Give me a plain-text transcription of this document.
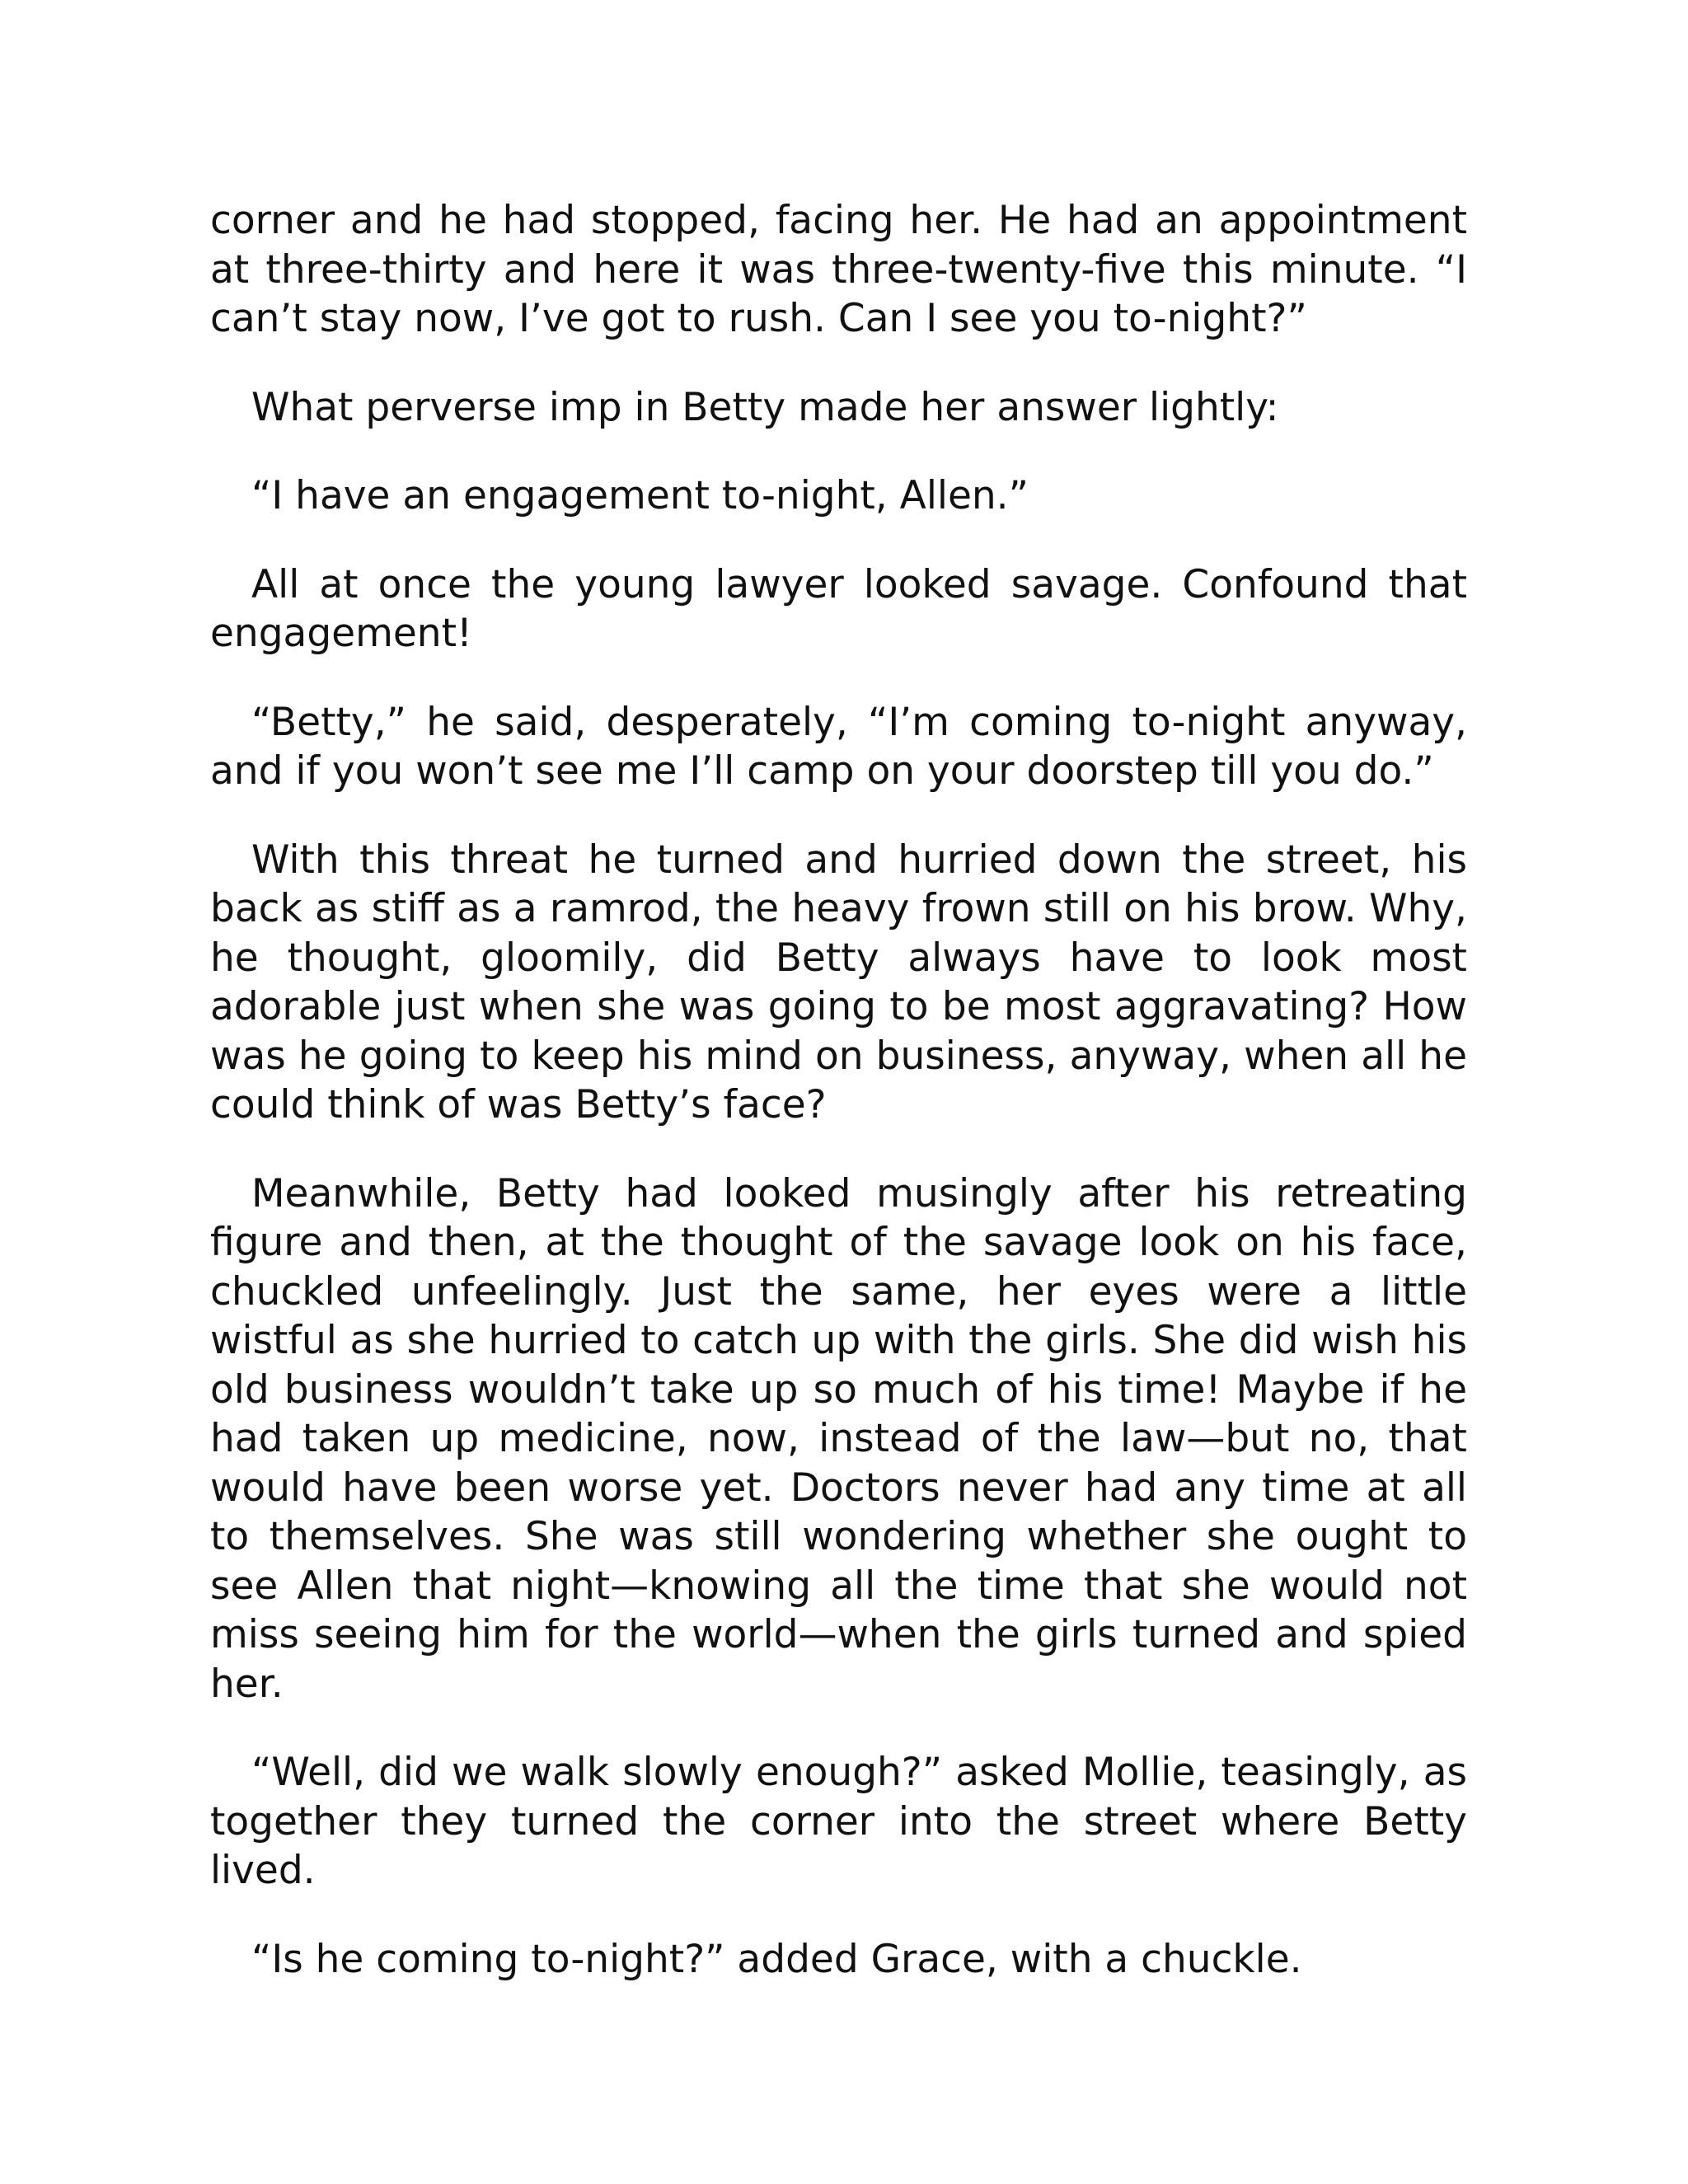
corner and he had stopped, facing her. He had an appointment at three-thirty and here it was three-twenty-five this minute. “I can’t stay now, I’ve got to rush. Can I see you to-night?”

What perverse imp in Betty made her answer lightly:

“I have an engagement to-night, Allen.”

All at once the young lawyer looked savage. Confound that engagement!

“Betty,” he said, desperately, “I’m coming to-night anyway, and if you won’t see me I’ll camp on your doorstep till you do.”

With this threat he turned and hurried down the street, his back as stiff as a ramrod, the heavy frown still on his brow. Why, he thought, gloomily, did Betty always have to look most adorable just when she was going to be most aggravating? How was he going to keep his mind on business, anyway, when all he could think of was Betty’s face?

Meanwhile, Betty had looked musingly after his retreating figure and then, at the thought of the savage look on his face, chuckled unfeelingly. Just the same, her eyes were a little wistful as she hurried to catch up with the girls. She did wish his old business wouldn’t take up so much of his time! Maybe if he had taken up medicine, now, instead of the law—but no, that would have been worse yet. Doctors never had any time at all to themselves. She was still wondering whether she ought to see Allen that night—knowing all the time that she would not miss seeing him for the world—when the girls turned and spied her.

“Well, did we walk slowly enough?” asked Mollie, teasingly, as together they turned the corner into the street where Betty lived.

“Is he coming to-night?” added Grace, with a chuckle.
